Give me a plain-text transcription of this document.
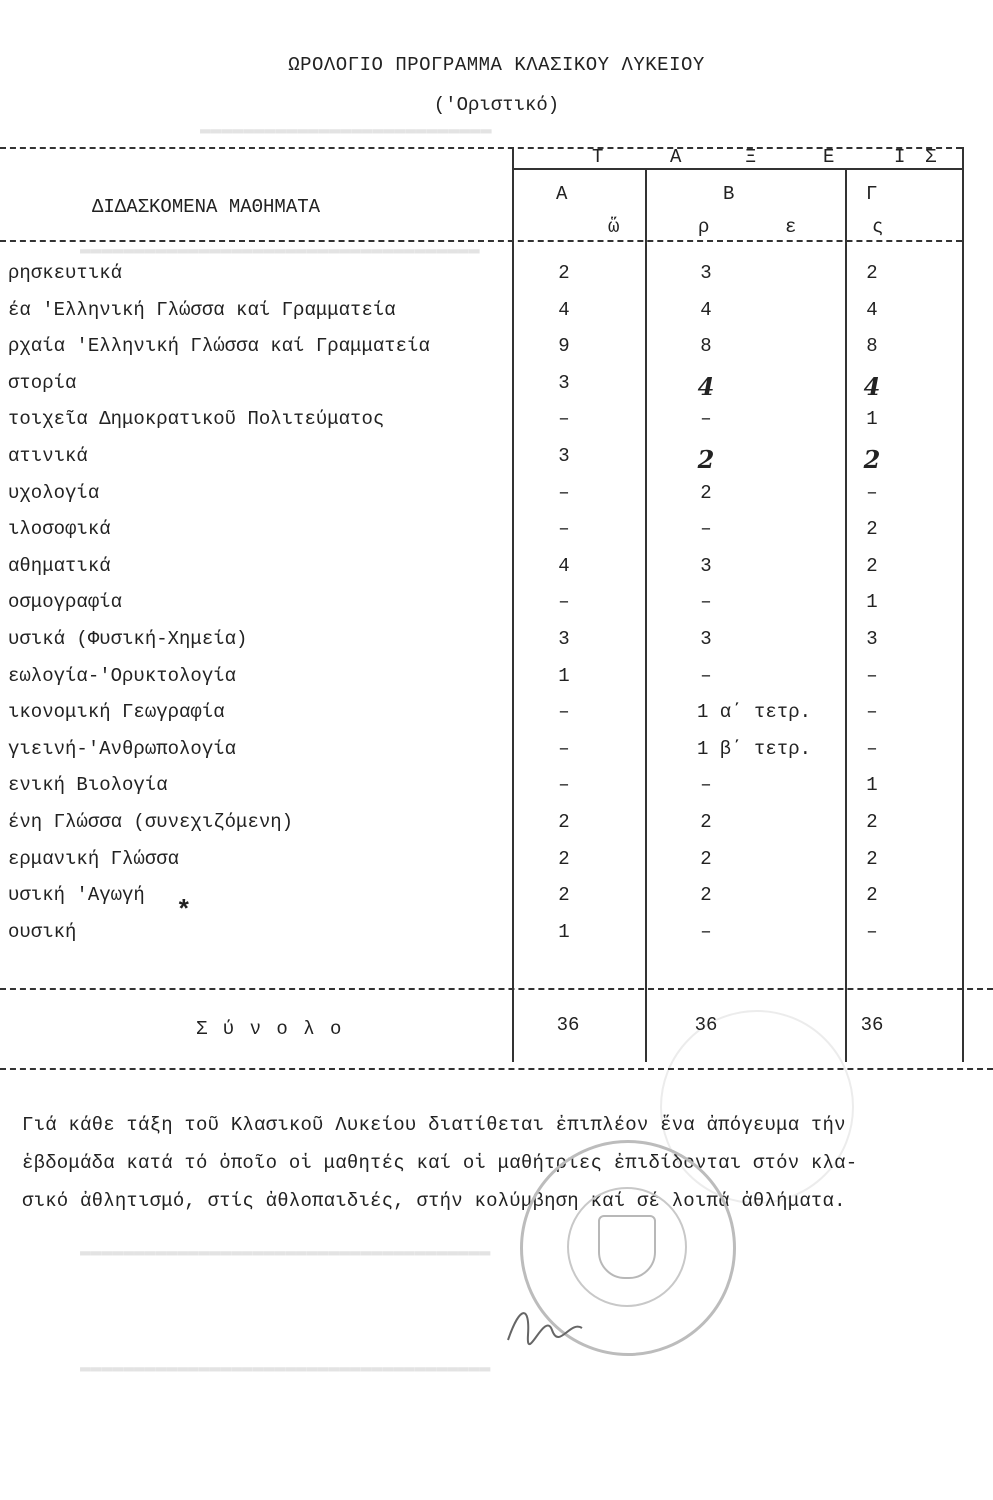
▬▬▬▬▬▬▬▬▬▬▬▬▬▬▬▬▬▬▬▬▬▬▬▬▬▬▬
▬▬▬▬▬▬▬▬▬▬▬▬▬▬▬▬▬▬▬▬▬▬▬▬▬▬▬▬▬▬▬▬▬▬▬▬▬
▬▬▬▬▬▬▬▬▬▬▬▬▬▬▬▬▬▬▬▬▬▬▬▬▬▬▬▬▬▬▬▬▬▬▬▬▬▬
▬▬▬▬▬▬▬▬▬▬▬▬▬▬▬▬▬▬▬▬▬▬▬▬▬▬▬▬▬▬▬▬▬▬▬▬▬▬
ΩΡΟΛΟΓΙΟ ΠΡΟΓΡΑΜΜΑ ΚΛΑΣΙΚΟΥ ΛΥΚΕΙΟΥ
('Οριστικό)
ΔΙΔΑΣΚΟΜΕΝΑ ΜΑΘΗΜΑΤΑ
Τ	Α	Ξ	Ε	Ι Σ
Α	Β	Γ
ὥ	ρ	ε	ς
ρησκευτικά	2	3	2
έα 'Ελληνική Γλώσσα καί Γραμματεία	4	4	4
ρχαία 'Ελληνική Γλώσσα καί Γραμματεία	9	8	8
στορία	3	4	4
τοιχεῖα Δημοκρατικοῦ Πολιτεύματος	–	–	1
ατινικά	3	2	2
υχολογία	–	2	–
ιλοσοφικά	–	–	2
αθηματικά	4	3	2
οσμογραφία	–	–	1
υσικά (Φυσική-Χημεία)	3	3	3
εωλογία-'Ορυκτολογία	1	–	–
ικονομική Γεωγραφία	–	1 α΄ τετρ.	–
γιεινή-'Ανθρωπολογία	–	1 β΄ τετρ.	–
ενική Βιολογία	–	–	1
ένη Γλώσσα (συνεχιζόμενη)	2	2	2
ερμανική Γλώσσα	2	2	2
υσική 'Αγωγή	2	2	2
ουσική	1	–	–
*
Σ ύ ν ο λ ο	36	36	36
Γιά κάθε τάξη τοῦ Κλασικοῦ Λυκείου διατίθεται ἐπιπλέον ἕνα ἀπόγευμα τήν
ἑβδομάδα κατά τό ὁποῖο οἱ μαθητές καί οἱ μαθήτριες ἐπιδίδονται στόν κλα-
σικό ἀθλητισμό, στίς ἀθλοπαιδιές, στήν κολύμβηση καί σέ λοιπά ἀθλήματα.
